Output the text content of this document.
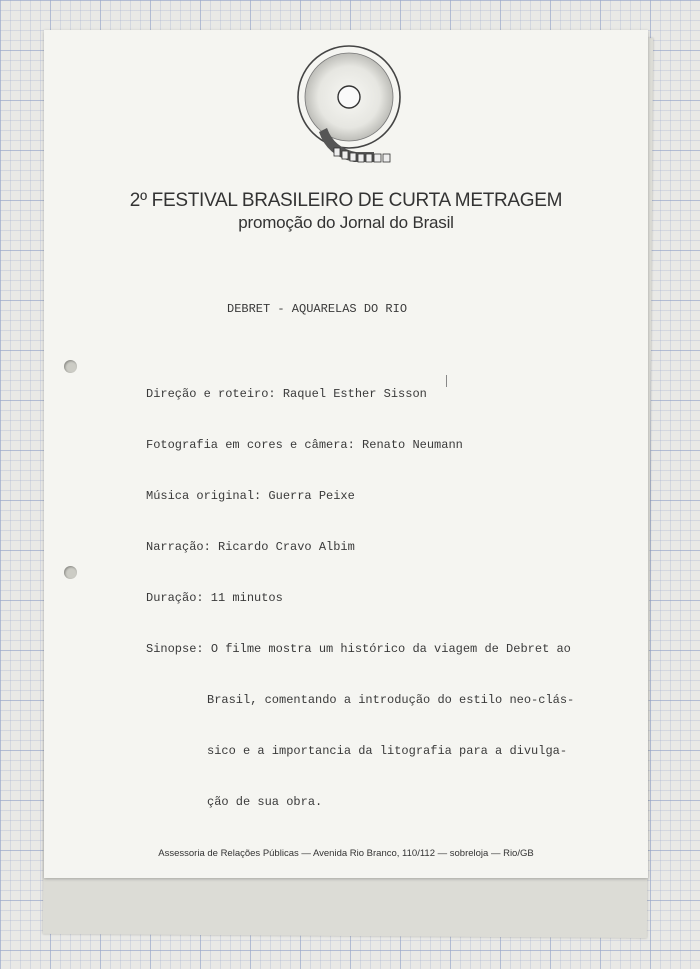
2º FESTIVAL BRASILEIRO DE CURTA METRAGEM
promoção do Jornal do Brasil
DEBRET - AQUARELAS DO RIO

Direção e roteiro: Raquel Esther Sisson

Fotografia em cores e câmera: Renato Neumann

Música original: Guerra Peixe

Narração: Ricardo Cravo Albim

Duração: 11 minutos

Sinopse: O filme mostra um histórico da viagem de Debret ao

Brasil, comentando a introdução do estilo neo-clás-

sico e a importancia da litografia para a divulga-

ção de sua obra.

Assessoria de Relações Públicas — Avenida Rio Branco, 110/112 — sobreloja — Rio/GB
